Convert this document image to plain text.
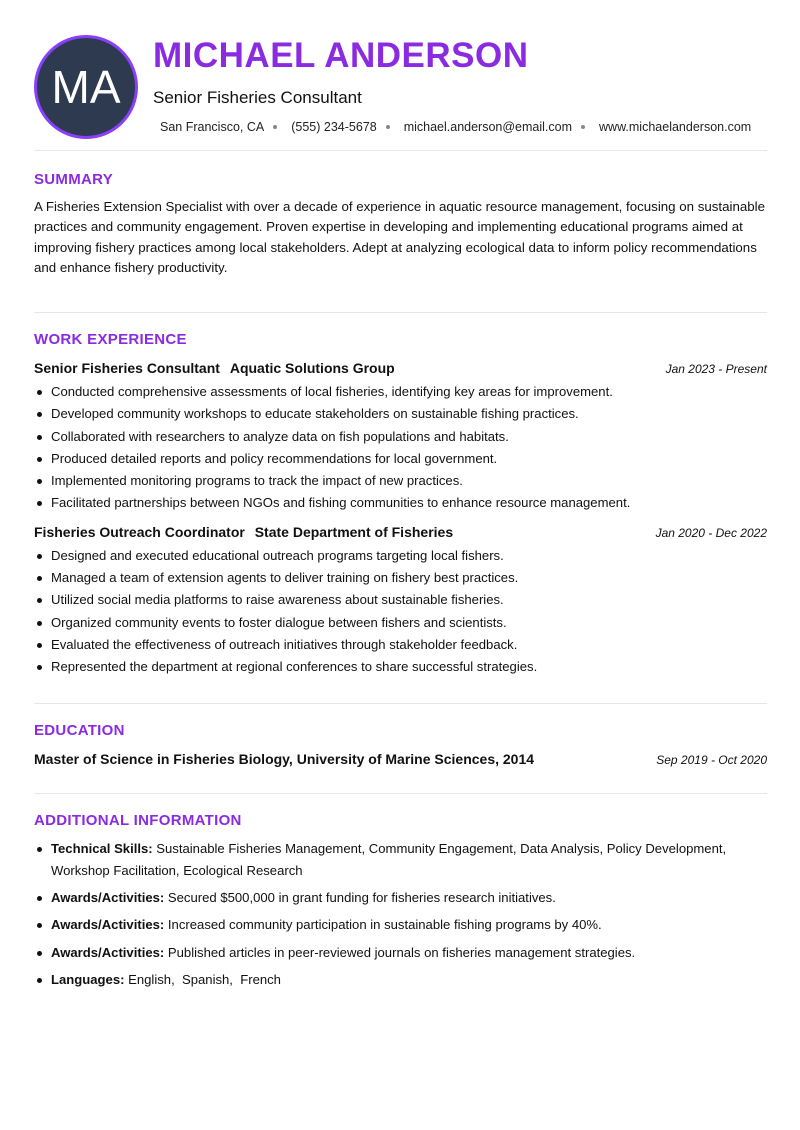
MA
MICHAEL ANDERSON
Senior Fisheries Consultant
San Francisco, CA (555) 234-5678 michael.anderson@email.com www.michaelanderson.com
SUMMARY
A Fisheries Extension Specialist with over a decade of experience in aquatic resource management, focusing on sustainable practices and community engagement. Proven expertise in developing and implementing educational programs aimed at improving fishery practices among local stakeholders. Adept at analyzing ecological data to inform policy recommendations and enhance fishery productivity.
WORK EXPERIENCE
Senior Fisheries Consultant Aquatic Solutions Group	Jan 2023 - Present
Conducted comprehensive assessments of local fisheries, identifying key areas for improvement.
Developed community workshops to educate stakeholders on sustainable fishing practices.
Collaborated with researchers to analyze data on fish populations and habitats.
Produced detailed reports and policy recommendations for local government.
Implemented monitoring programs to track the impact of new practices.
Facilitated partnerships between NGOs and fishing communities to enhance resource management.
Fisheries Outreach Coordinator State Department of Fisheries	Jan 2020 - Dec 2022
Designed and executed educational outreach programs targeting local fishers.
Managed a team of extension agents to deliver training on fishery best practices.
Utilized social media platforms to raise awareness about sustainable fisheries.
Organized community events to foster dialogue between fishers and scientists.
Evaluated the effectiveness of outreach initiatives through stakeholder feedback.
Represented the department at regional conferences to share successful strategies.
EDUCATION
Master of Science in Fisheries Biology, University of Marine Sciences, 2014	Sep 2019 - Oct 2020
ADDITIONAL INFORMATION
Technical Skills: Sustainable Fisheries Management, Community Engagement, Data Analysis, Policy Development, Workshop Facilitation, Ecological Research
Awards/Activities: Secured $500,000 in grant funding for fisheries research initiatives.
Awards/Activities: Increased community participation in sustainable fishing programs by 40%.
Awards/Activities: Published articles in peer-reviewed journals on fisheries management strategies.
Languages: English,  Spanish,  French
